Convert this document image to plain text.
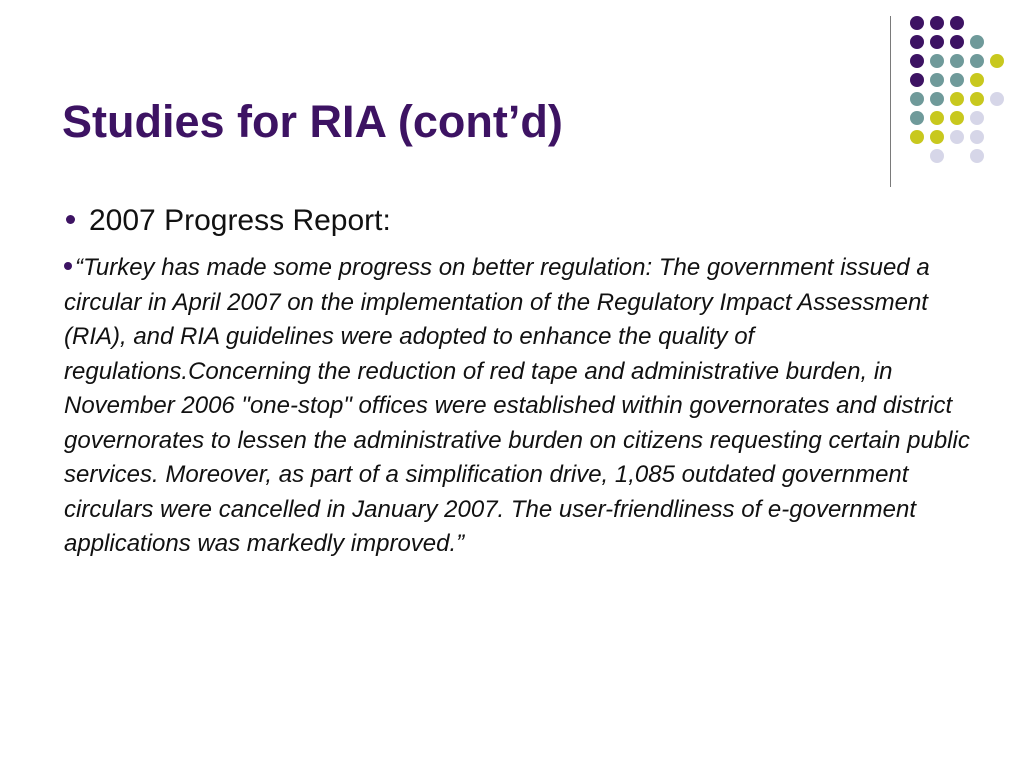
Studies for RIA (cont’d)
2007 Progress Report:
“Turkey has made some progress on better regulation: The government issued a circular in April 2007 on the implementation of the Regulatory Impact Assessment (RIA), and RIA guidelines were adopted to enhance the quality of regulations.Concerning the reduction of red tape and administrative burden, in November 2006 "one-stop" offices were established within governorates and district governorates to lessen the administrative burden on citizens requesting certain public services. Moreover, as part of a simplification drive, 1,085 outdated government circulars were cancelled in January 2007. The user-friendliness of e-government applications was markedly improved.”
